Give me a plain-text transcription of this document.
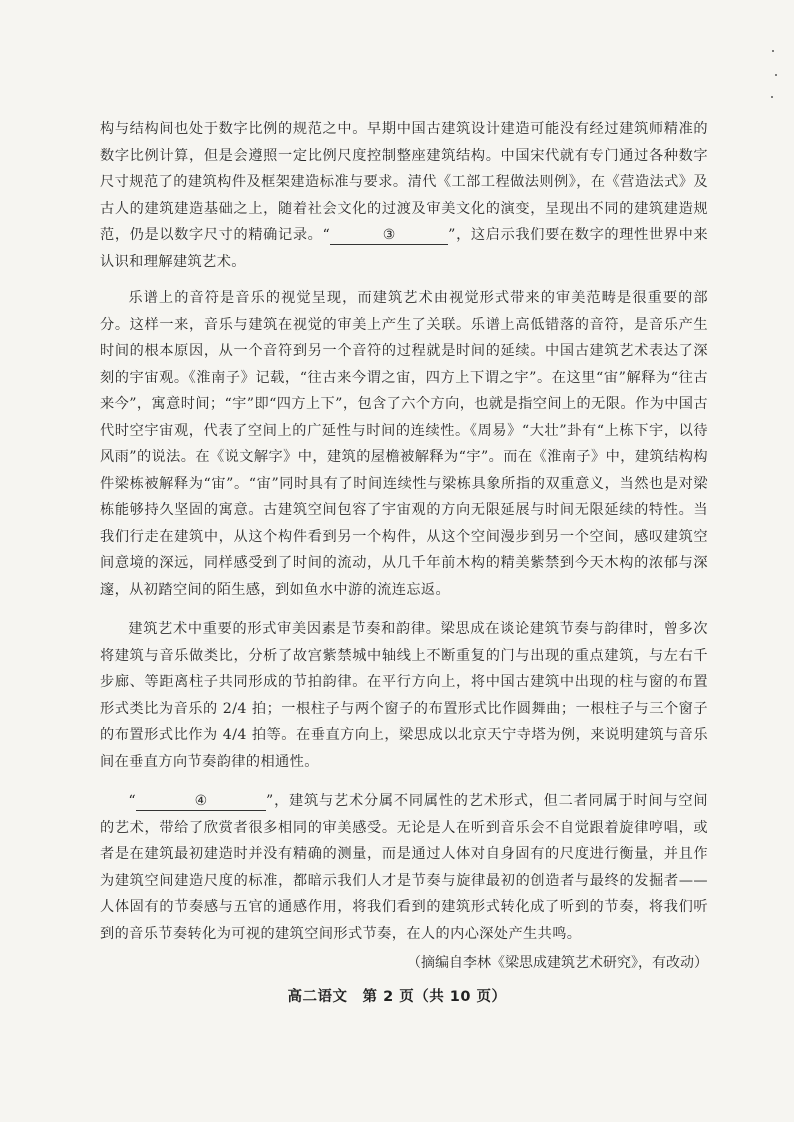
构与结构间也处于数字比例的规范之中。早期中国古建筑设计建造可能没有经过建筑师精准的数字比例计算，但是会遵照一定比例尺度控制整座建筑结构。中国宋代就有专门通过各种数字尺寸规范了的建筑构件及框架建造标准与要求。清代《工部工程做法则例》，在《营造法式》及古人的建筑建造基础之上，随着社会文化的过渡及审美文化的演变，呈现出不同的建筑建造规范，仍是以数字尺寸的精确记录。“	③	”，这启示我们要在数字的理性世界中来认识和理解建筑艺术。

乐谱上的音符是音乐的视觉呈现，而建筑艺术由视觉形式带来的审美范畴是很重要的部分。这样一来，音乐与建筑在视觉的审美上产生了关联。乐谱上高低错落的音符，是音乐产生时间的根本原因，从一个音符到另一个音符的过程就是时间的延续。中国古建筑艺术表达了深刻的宇宙观。《淮南子》记载，“往古来今谓之宙，四方上下谓之宇”。在这里“宙”解释为“往古来今”，寓意时间；“宇”即“四方上下”，包含了六个方向，也就是指空间上的无限。作为中国古代时空宇宙观，代表了空间上的广延性与时间的连续性。《周易》“大壮”卦有“上栋下宇，以待风雨”的说法。在《说文解字》中，建筑的屋檐被解释为“宇”。而在《淮南子》中，建筑结构构件梁栋被解释为“宙”。“宙”同时具有了时间连续性与梁栋具象所指的双重意义，当然也是对梁栋能够持久坚固的寓意。古建筑空间包容了宇宙观的方向无限延展与时间无限延续的特性。当我们行走在建筑中，从这个构件看到另一个构件，从这个空间漫步到另一个空间，感叹建筑空间意境的深远，同样感受到了时间的流动，从几千年前木构的精美紫禁到今天木构的浓郁与深邃，从初踏空间的陌生感，到如鱼水中游的流连忘返。

建筑艺术中重要的形式审美因素是节奏和韵律。梁思成在谈论建筑节奏与韵律时，曾多次将建筑与音乐做类比，分析了故宫紫禁城中轴线上不断重复的门与出现的重点建筑，与左右千步廊、等距离柱子共同形成的节拍韵律。在平行方向上，将中国古建筑中出现的柱与窗的布置形式类比为音乐的 2/4 拍；一根柱子与两个窗子的布置形式比作圆舞曲；一根柱子与三个窗子的布置形式比作为 4/4 拍等。在垂直方向上，梁思成以北京天宁寺塔为例，来说明建筑与音乐间在垂直方向节奏韵律的相通性。

“	④	”，建筑与艺术分属不同属性的艺术形式，但二者同属于时间与空间的艺术，带给了欣赏者很多相同的审美感受。无论是人在听到音乐会不自觉跟着旋律哼唱，或者是在建筑最初建造时并没有精确的测量，而是通过人体对自身固有的尺度进行衡量，并且作为建筑空间建造尺度的标准，都暗示我们人才是节奏与旋律最初的创造者与最终的发掘者——人体固有的节奏感与五官的通感作用，将我们看到的建筑形式转化成了听到的节奏，将我们听到的音乐节奏转化为可视的建筑空间形式节奏，在人的内心深处产生共鸣。

（摘编自李林《梁思成建筑艺术研究》，有改动）

高二语文　第 2 页（共 10 页）
